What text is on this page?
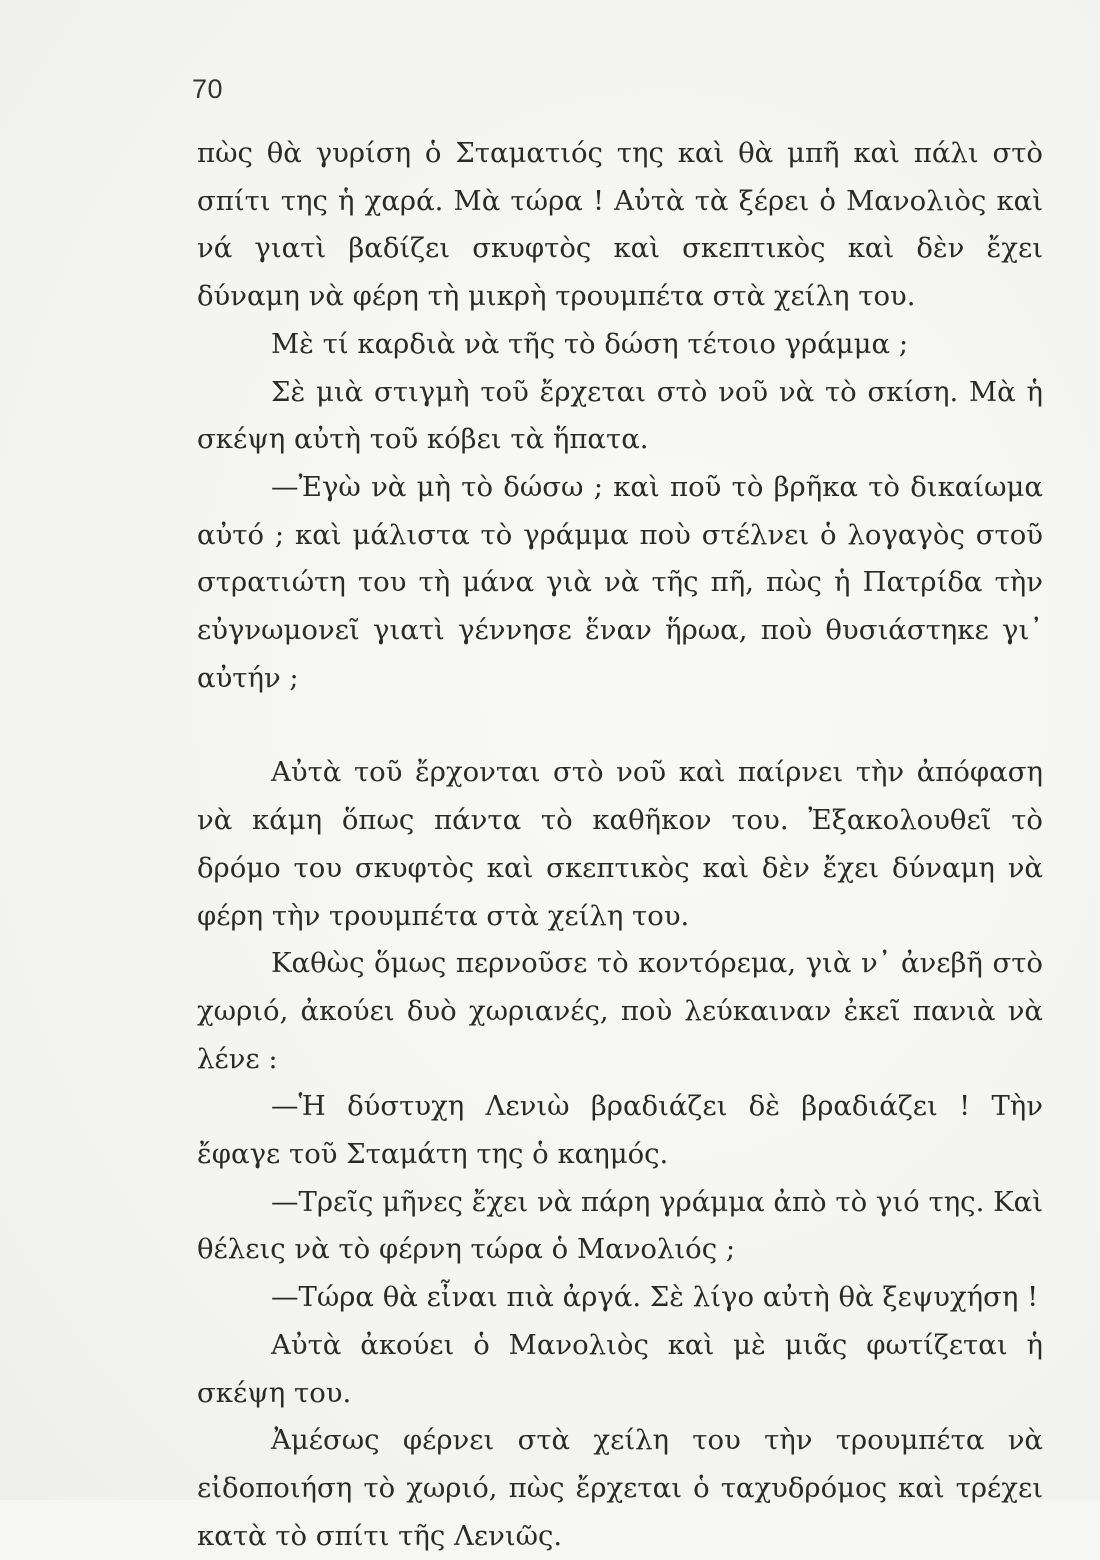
70

πὼς θὰ γυρίση ὁ Σταματιός της καὶ θὰ μπῆ καὶ πάλι στὸ σπίτι της ἡ χαρά. Μὰ τώρα ! Αὐτὰ τὰ ξέρει ὁ Μανολιὸς καὶ νά γιατὶ βαδίζει σκυφτὸς καὶ σκεπτικὸς καὶ δὲν ἔχει δύναμη νὰ φέρη τὴ μικρὴ τρουμπέτα στὰ χείλη του.

Μὲ τί καρδιὰ νὰ τῆς τὸ δώση τέτοιο γράμμα ;

Σὲ μιὰ στιγμὴ τοῦ ἔρχεται στὸ νοῦ νὰ τὸ σκίση. Μὰ ἡ σκέψη αὐτὴ τοῦ κόβει τὰ ἥπατα.

—Ἐγὼ νὰ μὴ τὸ δώσω ; καὶ ποῦ τὸ βρῆκα τὸ δικαίωμα αὐτό ; καὶ μάλιστα τὸ γράμμα ποὺ στέλνει ὁ λογαγὸς στοῦ στρατιώτη του τὴ μάνα γιὰ νὰ τῆς πῆ, πὼς ἡ Πατρίδα τὴν εὐγνωμονεῖ γιατὶ γέννησε ἕναν ἥρωα, ποὺ θυσιάστηκε γι᾽ αὐτήν ;

Αὐτὰ τοῦ ἔρχονται στὸ νοῦ καὶ παίρνει τὴν ἀπόφαση νὰ κάμη ὅπως πάντα τὸ καθῆκον του. Ἐξακολουθεῖ τὸ δρόμο του σκυφτὸς καὶ σκεπτικὸς καὶ δὲν ἔχει δύναμη νὰ φέρη τὴν τρουμπέτα στὰ χείλη του.

Καθὼς ὅμως περνοῦσε τὸ κοντόρεμα, γιὰ ν᾽ ἀνεβῆ στὸ χωριό, ἀκούει δυὸ χωριανές, ποὺ λεύκαιναν ἐκεῖ πανιὰ νὰ λένε :

—Ἡ δύστυχη Λενιὼ βραδιάζει δὲ βραδιάζει ! Τὴν ἔφαγε τοῦ Σταμάτη της ὁ καημός.

—Τρεῖς μῆνες ἔχει νὰ πάρη γράμμα ἀπὸ τὸ γιό της. Καὶ θέλεις νὰ τὸ φέρνη τώρα ὁ Μανολιός ;

—Τώρα θὰ εἶναι πιὰ ἀργά. Σὲ λίγο αὐτὴ θὰ ξεψυχήση !

Αὐτὰ ἀκούει ὁ Μανολιὸς καὶ μὲ μιᾶς φωτίζεται ἡ σκέψη του.

Ἀμέσως φέρνει στὰ χείλη του τὴν τρουμπέτα νὰ εἰδοποιήση τὸ χωριό, πὼς ἔρχεται ὁ ταχυδρόμος καὶ τρέχει κατὰ τὸ σπίτι τῆς Λενιῶς.
